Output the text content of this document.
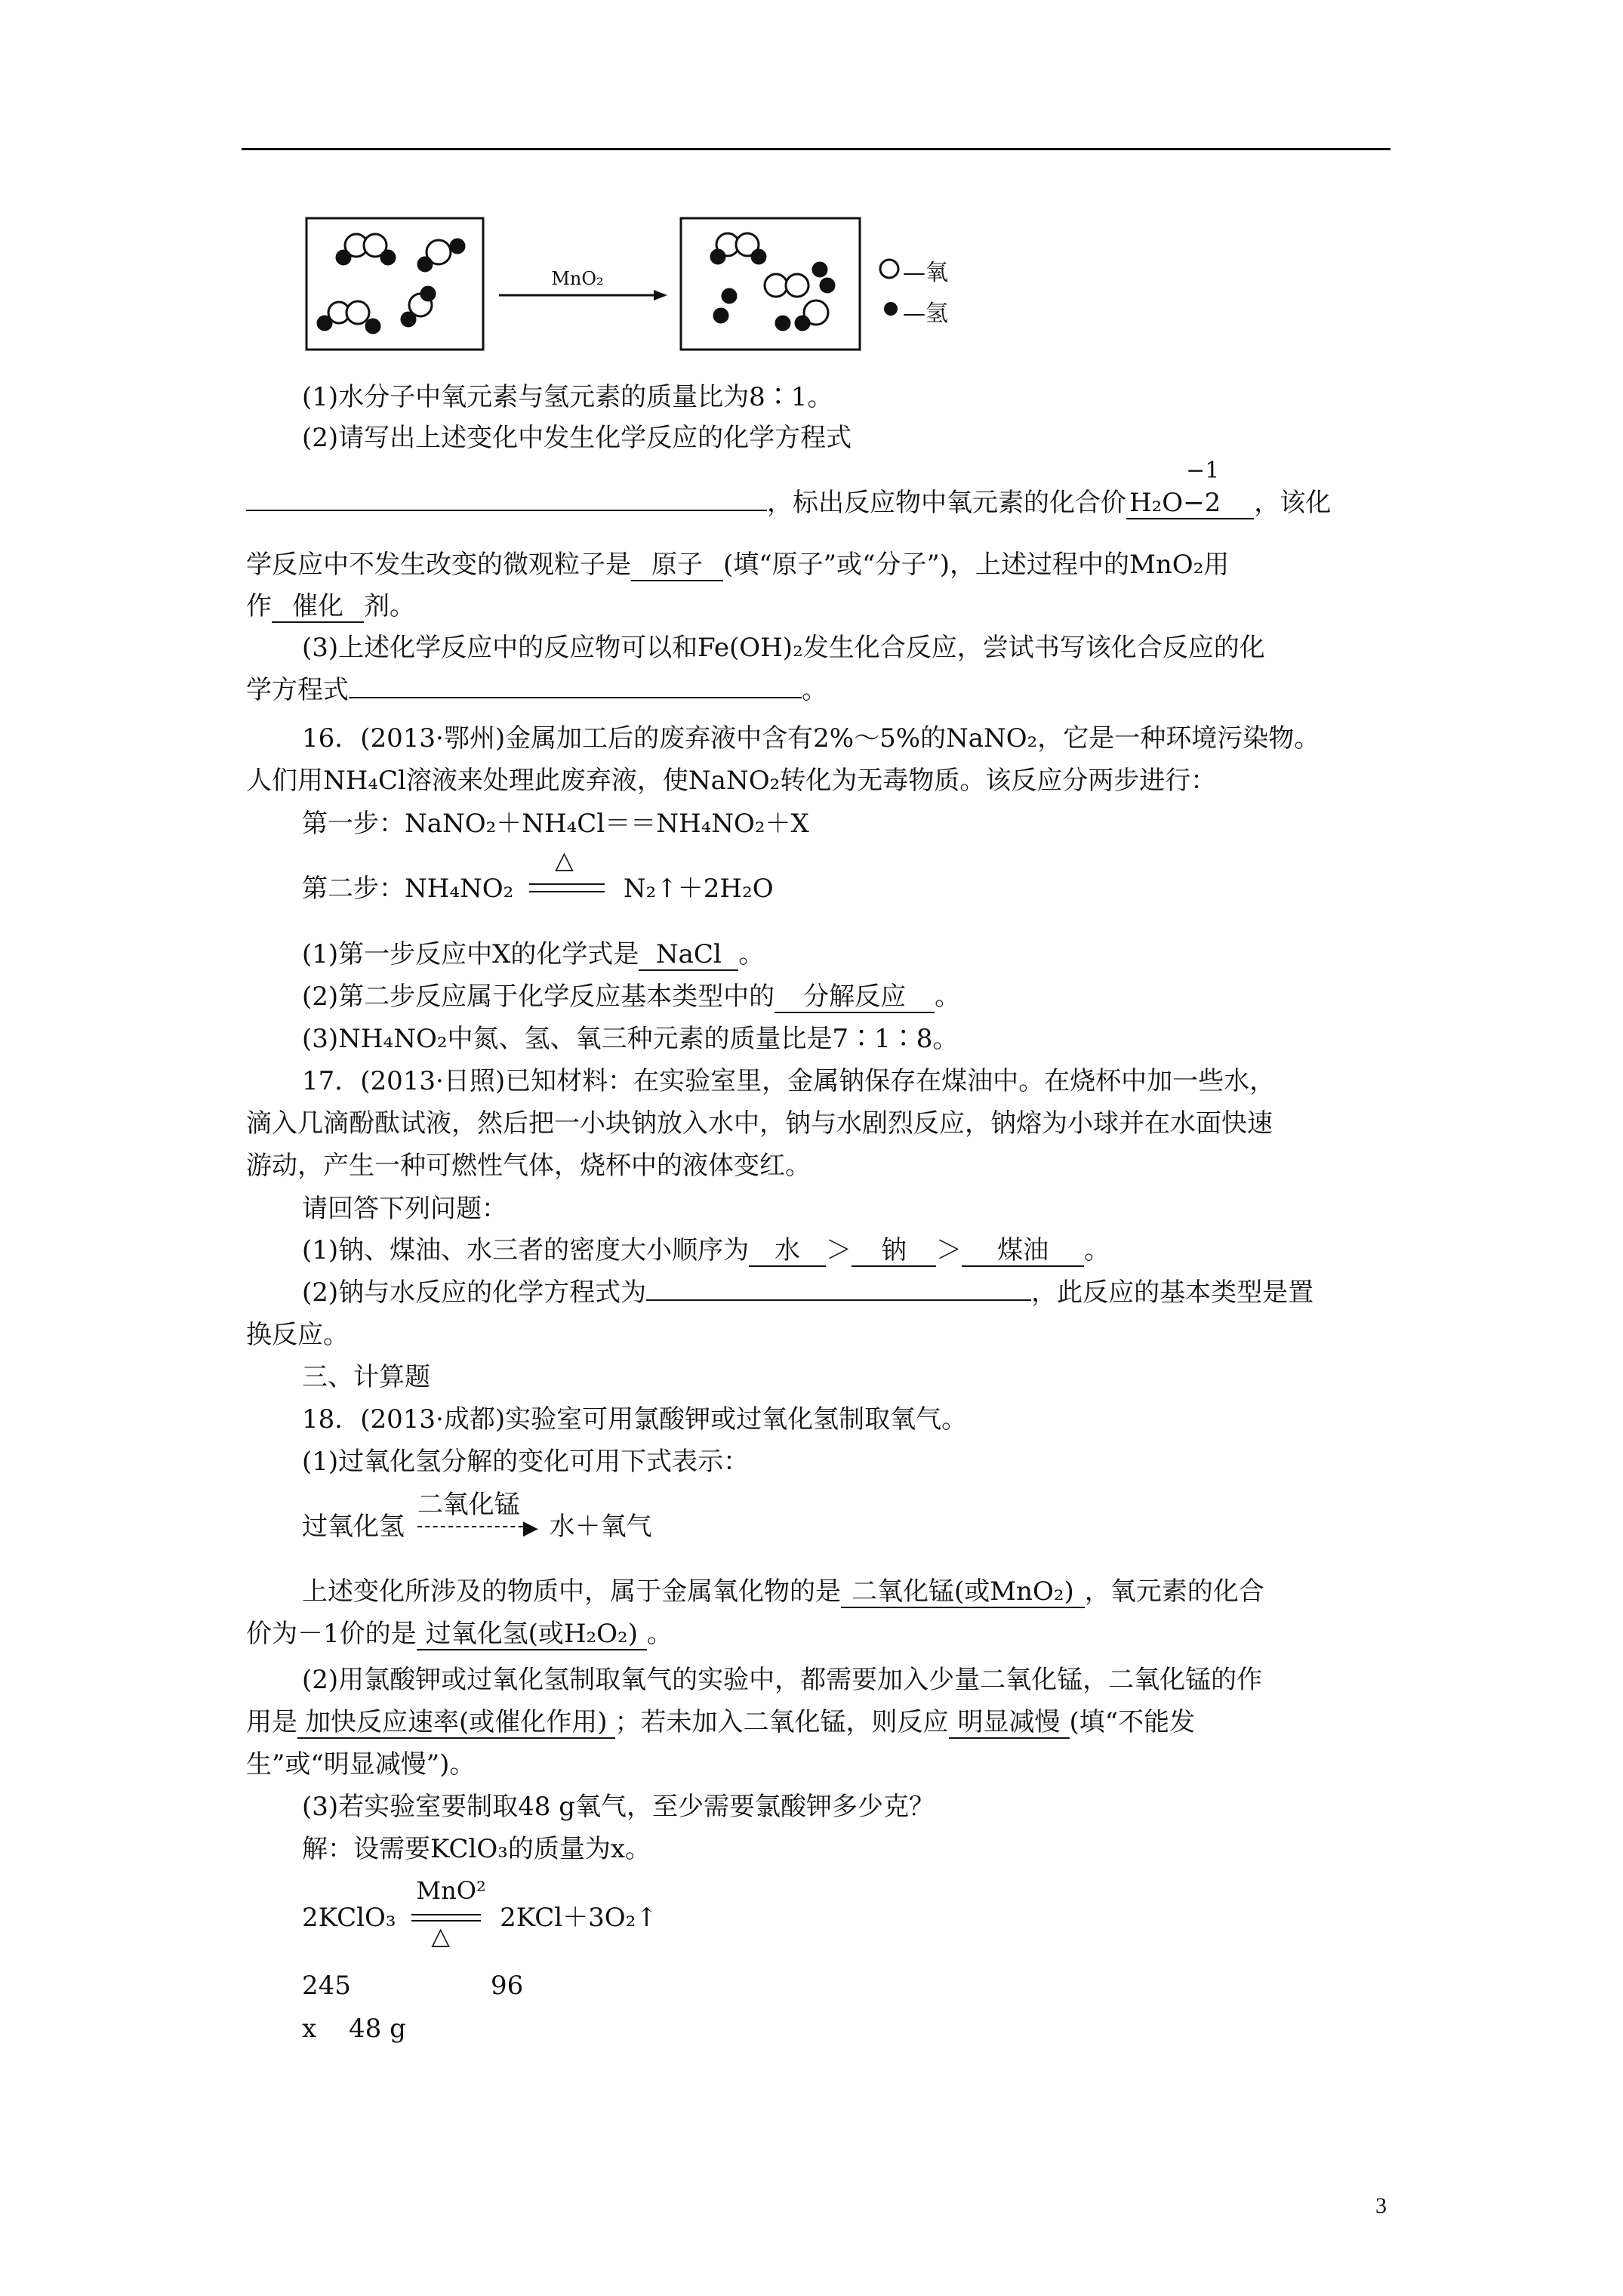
MnO₂	—氧
—氢
(1)水分子中氧元素与氢元素的质量比为8∶1。
(2)请写出上述变化中发生化学反应的化学方程式
，标出反应物中氧元素的化合价 H₂O−2
−1
，该化
学反应中不发生改变的微观粒子是 原子 (填“原子”或“分子”)，上述过程中的MnO₂用
作 催化 剂。
(3)上述化学反应中的反应物可以和Fe(OH)₂发生化合反应，尝试书写该化合反应的化
学方程式	。
16．(2013·鄂州)金属加工后的废弃液中含有2%～5%的NaNO₂，它是一种环境污染物。
人们用NH₄Cl溶液来处理此废弃液，使NaNO₂转化为无毒物质。该反应分两步进行：
第一步：NaNO₂＋NH₄Cl＝＝NH₄NO₂＋X
第二步：NH₄NO₂
△
N₂↑＋2H₂O
(1)第一步反应中X的化学式是 NaCl 。
(2)第二步反应属于化学反应基本类型中的 分解反应 。
(3)NH₄NO₂中氮、氢、氧三种元素的质量比是7∶1∶8。
17．(2013·日照)已知材料：在实验室里，金属钠保存在煤油中。在烧杯中加一些水，
滴入几滴酚酞试液，然后把一小块钠放入水中，钠与水剧烈反应，钠熔为小球并在水面快速
游动，产生一种可燃性气体，烧杯中的液体变红。
请回答下列问题：
(1)钠、煤油、水三者的密度大小顺序为 水 ＞ 钠 ＞ 煤油 。
(2)钠与水反应的化学方程式为	，此反应的基本类型是置
换反应。
三、计算题
18．(2013·成都)实验室可用氯酸钾或过氧化氢制取氧气。
(1)过氧化氢分解的变化可用下式表示：
过氧化氢
二氧化锰
▶ 水＋氧气
上述变化所涉及的物质中，属于金属氧化物的是 二氧化锰(或MnO₂) ，氧元素的化合
价为－1价的是 过氧化氢(或H₂O₂) 。
(2)用氯酸钾或过氧化氢制取氧气的实验中，都需要加入少量二氧化锰，二氧化锰的作
用是 加快反应速率(或催化作用) ；若未加入二氧化锰，则反应 明显减慢 (填“不能发
生”或“明显减慢”)。
(3)若实验室要制取48 g氧气，至少需要氯酸钾多少克？
解：设需要KClO₃的质量为x。
2KClO₃
MnO²
△
2KCl＋3O₂↑
245	96
x 48 g
3
